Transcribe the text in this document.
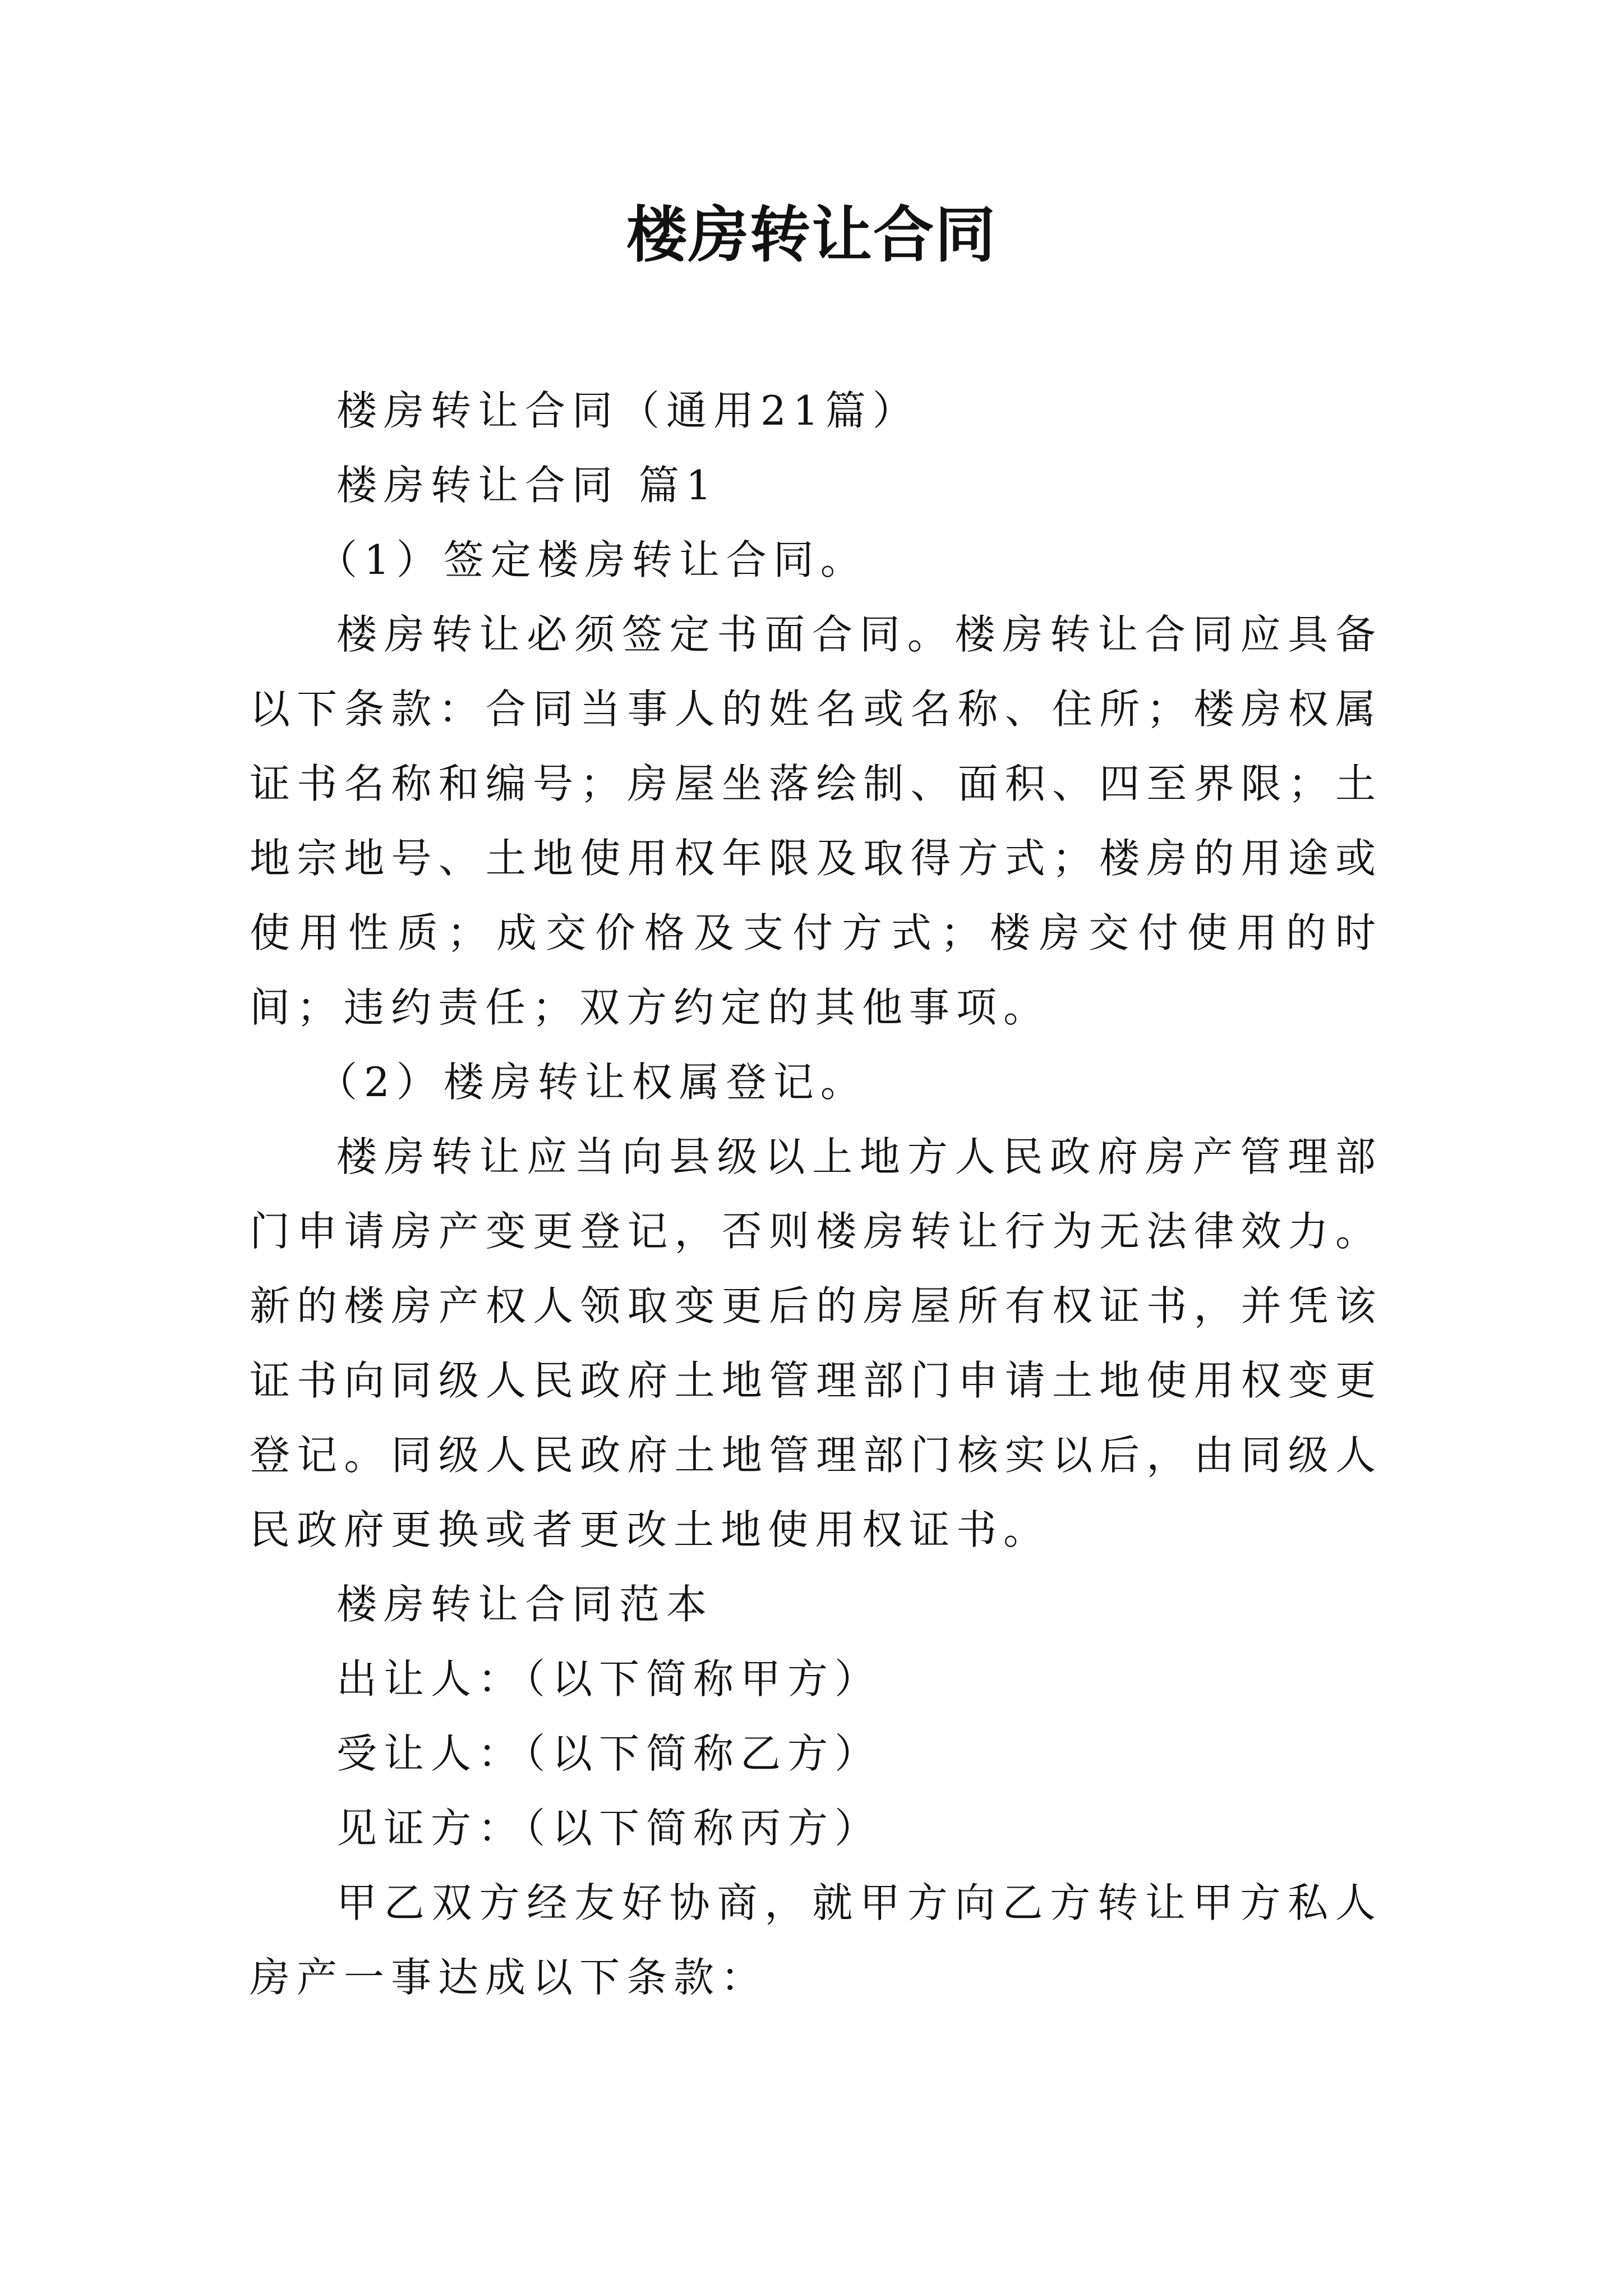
楼房转让合同

楼房转让合同（通用21篇）

楼房转让合同 篇1

（1）签定楼房转让合同。

楼房转让必须签定书面合同。楼房转让合同应具备以下条款：合同当事人的姓名或名称、住所；楼房权属证书名称和编号；房屋坐落绘制、面积、四至界限；土地宗地号、土地使用权年限及取得方式；楼房的用途或使用性质；成交价格及支付方式；楼房交付使用的时间；违约责任；双方约定的其他事项。

（2）楼房转让权属登记。

楼房转让应当向县级以上地方人民政府房产管理部门申请房产变更登记，否则楼房转让行为无法律效力。新的楼房产权人领取变更后的房屋所有权证书，并凭该证书向同级人民政府土地管理部门申请土地使用权变更登记。同级人民政府土地管理部门核实以后，由同级人民政府更换或者更改土地使用权证书。

楼房转让合同范本

出让人：（以下简称甲方）

受让人：（以下简称乙方）

见证方：（以下简称丙方）

甲乙双方经友好协商，就甲方向乙方转让甲方私人房产一事达成以下条款：
